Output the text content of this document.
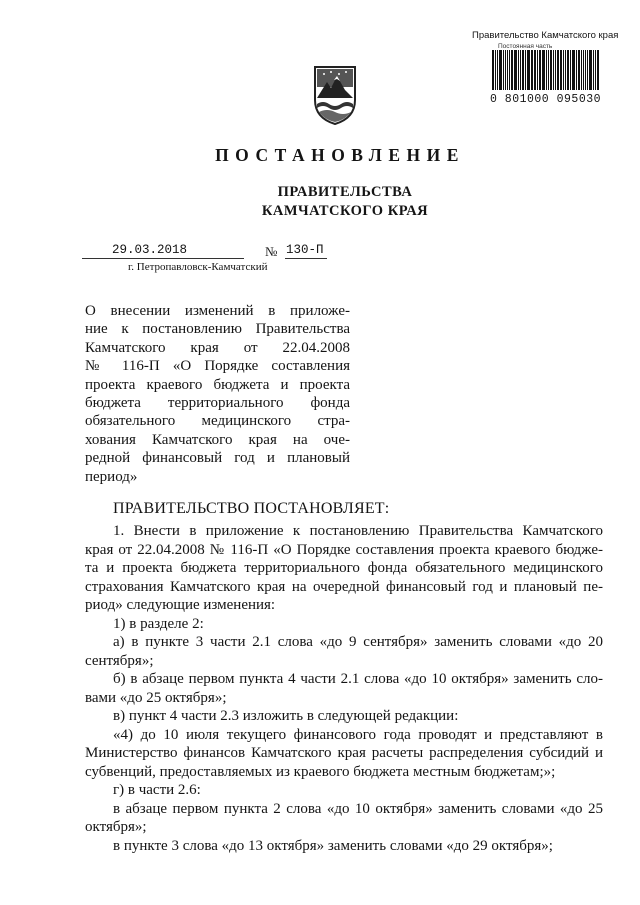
Правительство Камчатского края
Постоянная часть
0 801000 095030
ПОСТАНОВЛЕНИЕ
ПРАВИТЕЛЬСТВА
КАМЧАТСКОГО КРАЯ
29.03.2018	№ 130-П
г. Петропавловск-Камчатский
О внесении изменений в приложе-
ние к постановлению Правительства
Камчатского края от 22.04.2008
№ 116-П «О Порядке составления
проекта краевого бюджета и проекта
бюджета территориального фонда
обязательного медицинского стра-
хования Камчатского края на оче-
редной финансовый год и плановый
период»
ПРАВИТЕЛЬСТВО ПОСТАНОВЛЯЕТ:
1. Внести в приложение к постановлению Правительства Камчатского
края от 22.04.2008 № 116-П «О Порядке составления проекта краевого бюдже-
та и проекта бюджета территориального фонда обязательного медицинского
страхования Камчатского края на очередной финансовый год и плановый пе-
риод» следующие изменения:
1) в разделе 2:
а) в пункте 3 части 2.1 слова «до 9 сентября» заменить словами «до 20
сентября»;
б) в абзаце первом пункта 4 части 2.1 слова «до 10 октября» заменить сло-
вами «до 25 октября»;
в) пункт 4 части 2.3 изложить в следующей редакции:
«4) до 10 июля текущего финансового года проводят и представляют в
Министерство финансов Камчатского края расчеты распределения субсидий и
субвенций, предоставляемых из краевого бюджета местным бюджетам;»;
г) в части 2.6:
в абзаце первом пункта 2 слова «до 10 октября» заменить словами «до 25
октября»;
в пункте 3 слова «до 13 октября» заменить словами «до 29 октября»;
